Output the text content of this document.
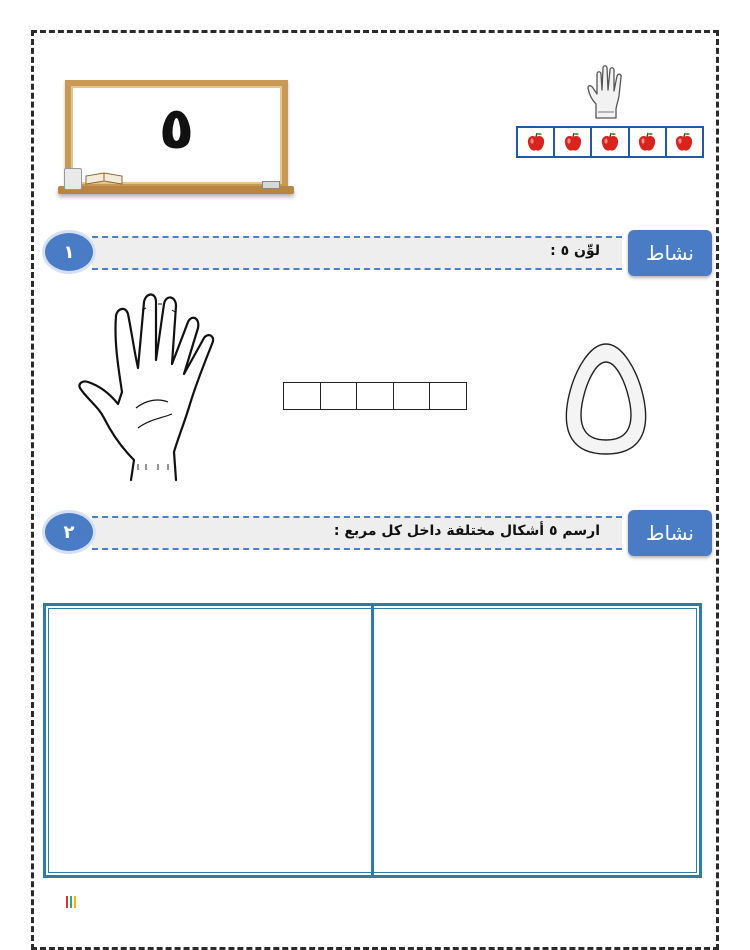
٥
لوِّن ٥ :	نشاط
١
ارسم ٥ أشكال مختلفة داخل كل مربع :	نشاط
٢
